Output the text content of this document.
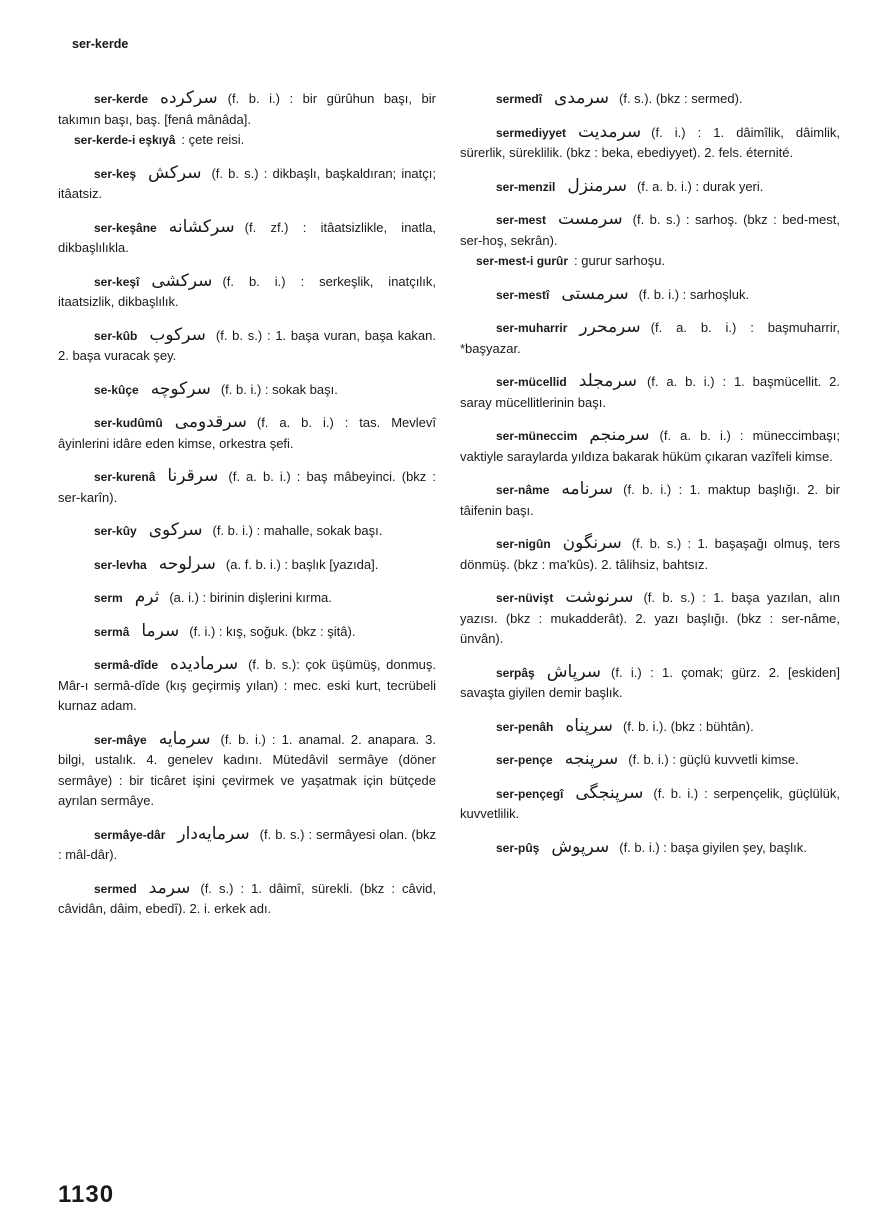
ser-kerde
ser-kerde سرکرده (f. b. i.) : bir gürûhun başı, bir takımın başı, baş. [fenâ mânâda].
ser-kerde-i eşkıyâ : çete reisi.
ser-keş سرکش (f. b. s.) : dikbaşlı, başkaldıran; inatçı; itâatsiz.
ser-keşâne سرکشانه (f. zf.) : itâatsizlikle, inatla, dikbaşlılıkla.
ser-keşî سرکشی (f. b. i.) : serkeşlik, inatçılık, itaatsizlik, dikbaşlılık.
ser-kûb سرکوب (f. b. s.) : 1. başa vuran, başa kakan. 2. başa vuracak şey.
se-kûçe سرکوچه (f. b. i.) : sokak başı.
ser-kudûmû سرقدومی (f. a. b. i.) : tas. Mevlevî âyinlerini idâre eden kimse, orkestra şefi.
ser-kurenâ سرقرنا (f. a. b. i.) : baş mâbeyinci. (bkz : ser-karîn).
ser-kûy سرکوی (f. b. i.) : mahalle, sokak başı.
ser-levha سرلوحه (a. f. b. i.) : başlık [yazıda].
serm ثرم (a. i.) : birinin dişlerini kırma.
sermâ سرما (f. i.) : kış, soğuk. (bkz : şitâ).
sermâ-dîde سرمادیده (f. b. s.): çok üşümüş, donmuş. Mâr-ı sermâ-dîde (kış geçirmiş yılan) : mec. eski kurt, tecrübeli kurnaz adam.
ser-mâye سرمایه (f. b. i.) : 1. anamal. 2. anapara. 3. bilgi, ustalık. 4. genelev kadını. Mütedâvil sermâye (döner sermâye) : bir ticâret işini çevirmek ve yaşatmak için bütçede ayrılan sermâye.
sermâye-dâr سرمایه‌دار (f. b. s.) : sermâyesi olan. (bkz : mâl-dâr).
sermed سرمد (f. s.) : 1. dâimî, sürekli. (bkz : câvid, câvidân, dâim, ebedî). 2. i. erkek adı.
sermedî سرمدی (f. s.). (bkz : sermed).
sermediyyet سرمدیت (f. i.) : 1. dâimîlik, dâimlik, sürerlik, süreklilik. (bkz : beka, ebediyyet). 2. fels. éternité.
ser-menzil سرمنزل (f. a. b. i.) : durak yeri.
ser-mest سرمست (f. b. s.) : sarhoş. (bkz : bed-mest, ser-hoş, sekrân).
ser-mest-i gurûr : gurur sarhoşu.
ser-mestî سرمستی (f. b. i.) : sarhoşluk.
ser-muharrir سرمحرر (f. a. b. i.) : başmuharrir, *başyazar.
ser-mücellid سرمجلد (f. a. b. i.) : 1. başmücellit. 2. saray mücellitlerinin başı.
ser-müneccim سرمنجم (f. a. b. i.) : müneccimbaşı; vaktiyle saraylarda yıldıza bakarak hüküm çıkaran vazîfeli kimse.
ser-nâme سرنامه (f. b. i.) : 1. maktup başlığı. 2. bir tâifenin başı.
ser-nigûn سرنگون (f. b. s.) : 1. başaşağı olmuş, ters dönmüş. (bkz : ma'kûs). 2. tâlihsiz, bahtsız.
ser-nüvişt سرنوشت (f. b. s.) : 1. başa yazılan, alın yazısı. (bkz : mukadderât). 2. yazı başlığı. (bkz : ser-nâme, ünvân).
serpâş سرپاش (f. i.) : 1. çomak; gürz. 2. [eskiden] savaşta giyilen demir başlık.
ser-penâh سرپناه (f. b. i.). (bkz : bühtân).
ser-pençe سرپنجه (f. b. i.) : güçlü kuvvetli kimse.
ser-pençegî سرپنجگی (f. b. i.) : serpençelik, güçlülük, kuvvetlilik.
ser-pûş سرپوش (f. b. i.) : başa giyilen şey, başlık.
1130
